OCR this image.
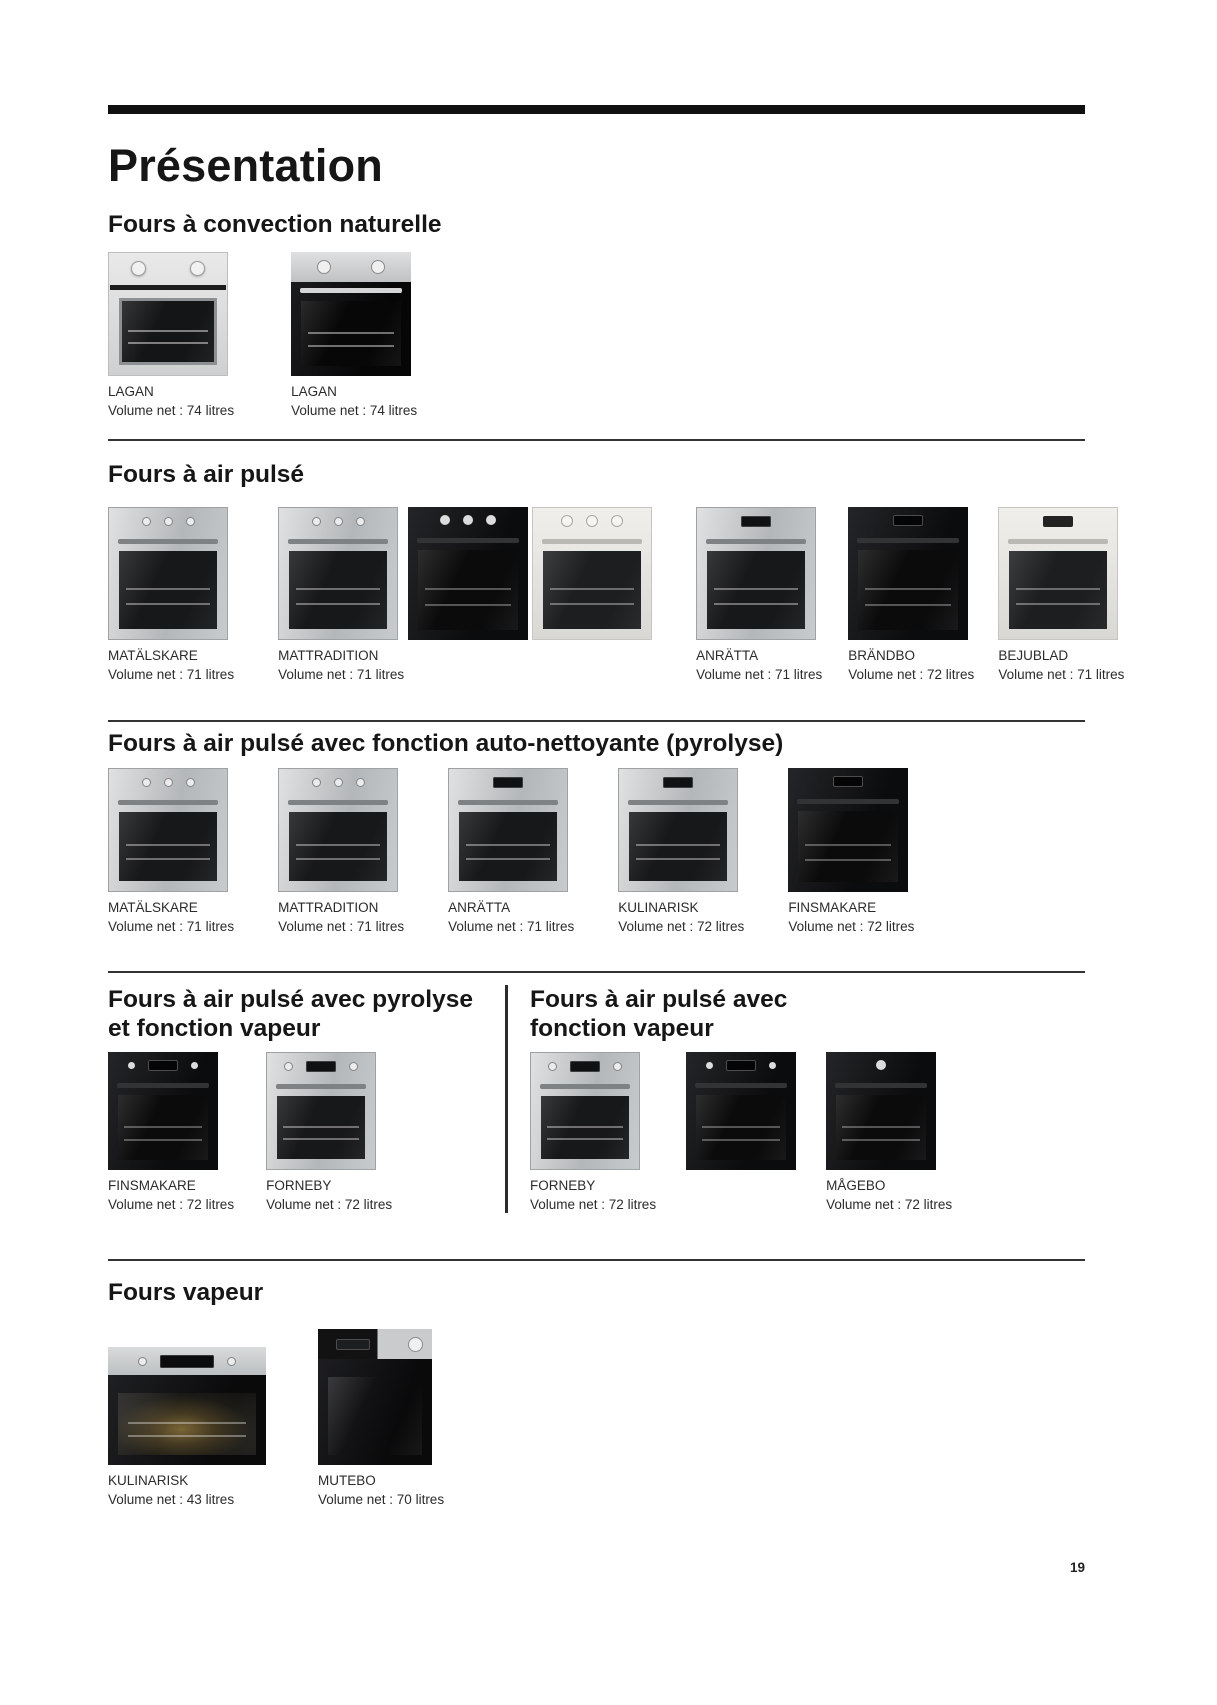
Présentation
Fours à convection naturelle
LAGAN
Volume net : 74 litres
LAGAN
Volume net : 74 litres
Fours à air pulsé
MATÄLSKARE
Volume net : 71 litres
MATTRADITION
Volume net : 71 litres
ANRÄTTA
Volume net : 71 litres
BRÄNDBO
Volume net : 72 litres
BEJUBLAD
Volume net : 71 litres
Fours à air pulsé avec fonction auto-nettoyante (pyrolyse)
MATÄLSKARE
Volume net : 71 litres
MATTRADITION
Volume net : 71 litres
ANRÄTTA
Volume net : 71 litres
KULINARISK
Volume net : 72 litres
FINSMAKARE
Volume net : 72 litres
Fours à air pulsé avec pyrolyse et fonction vapeur
FINSMAKARE
Volume net : 72 litres
FORNEBY
Volume net : 72 litres
Fours à air pulsé avec fonction vapeur
FORNEBY
Volume net : 72 litres
MÅGEBO
Volume net : 72 litres
Fours vapeur
KULINARISK
Volume net : 43 litres
MUTEBO
Volume net : 70 litres
19
